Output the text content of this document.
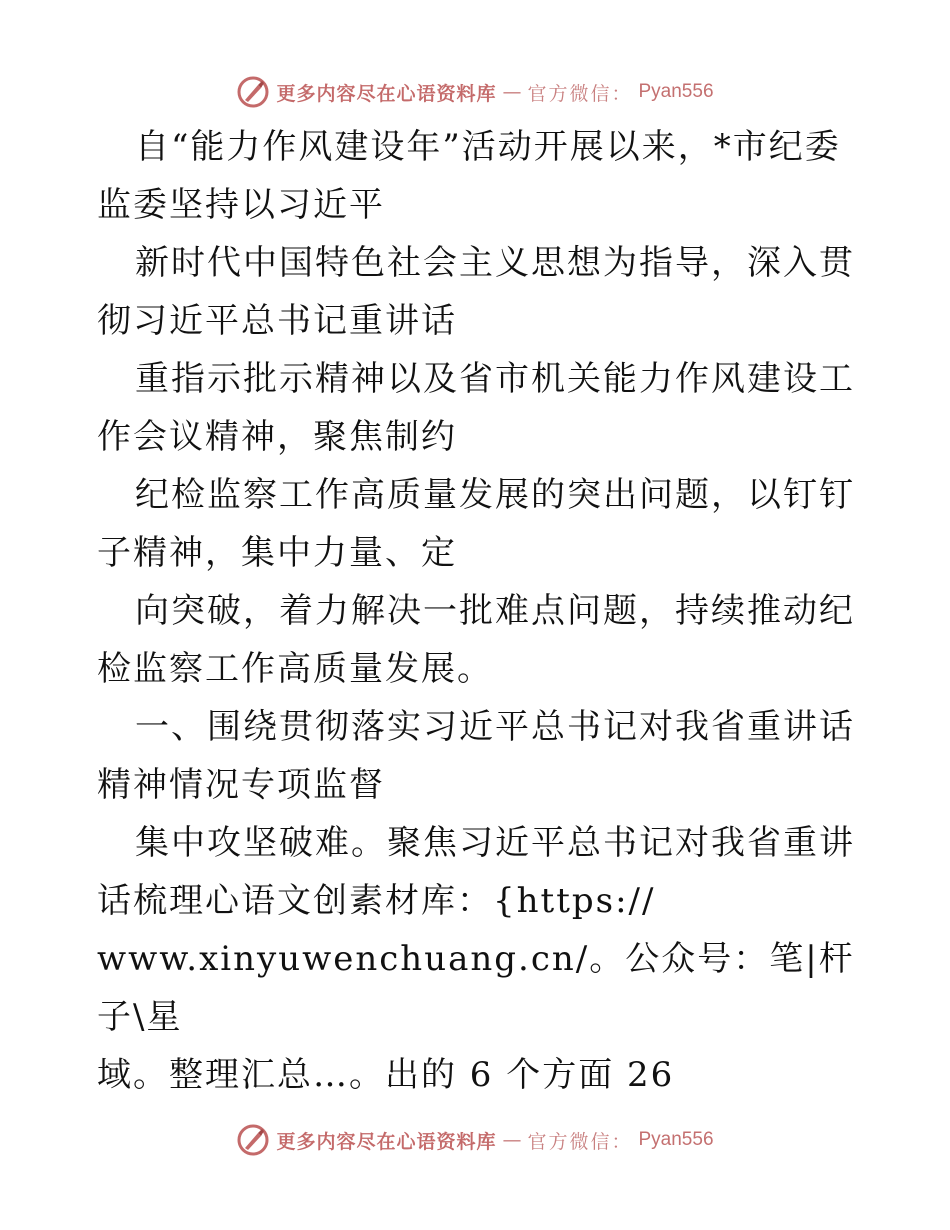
更多内容尽在心语资料库 — 官方微信： Pyan556

自“能力作风建设年”活动开展以来，*市纪委监委坚持以习近平

新时代中国特色社会主义思想为指导，深入贯彻习近平总书记重讲话

重指示批示精神以及省市机关能力作风建设工作会议精神，聚焦制约

纪检监察工作高质量发展的突出问题，以钉钉子精神，集中力量、定

向突破，着力解决一批难点问题，持续推动纪检监察工作高质量发展。

一、围绕贯彻落实习近平总书记对我省重讲话精神情况专项监督

集中攻坚破难。聚焦习近平总书记对我省重讲话梳理心语文创素材库：{https://

www.xinyuwenchuang.cn/。公众号：笔|杆子\星

域。整理汇总…。出的 6 个方面 26

更多内容尽在心语资料库 — 官方微信： Pyan556
